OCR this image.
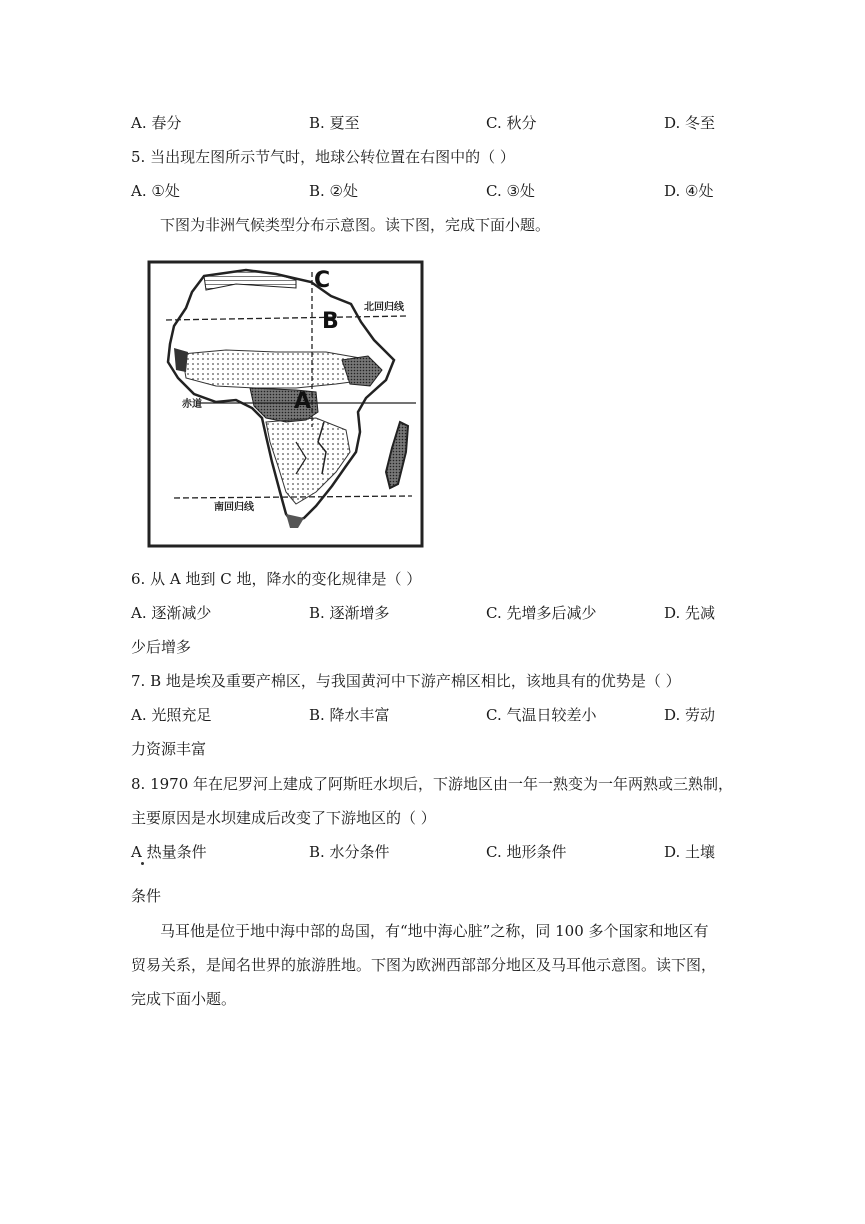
A. 春分	B. 夏至	C. 秋分	D. 冬至
5. 当出现左图所示节气时，地球公转位置在右图中的（ ）
A. ①处	B. ②处	C. ③处	D. ④处
下图为非洲气候类型分布示意图。读下图，完成下面小题。
C
B
A
北回归线
赤道
南回归线
6. 从 A 地到 C 地，降水的变化规律是（ ）
A. 逐渐减少	B. 逐渐增多	C. 先增多后减少	D. 先减
少后增多
7. B 地是埃及重要产棉区，与我国黄河中下游产棉区相比，该地具有的优势是（ ）
A. 光照充足	B. 降水丰富	C. 气温日较差小	D. 劳动
力资源丰富
8. 1970 年在尼罗河上建成了阿斯旺水坝后，下游地区由一年一熟变为一年两熟或三熟制，
主要原因是水坝建成后改变了下游地区的（ ）
A 热量条件	B. 水分条件	C. 地形条件	D. 土壤
条件
马耳他是位于地中海中部的岛国，有“地中海心脏”之称，同 100 多个国家和地区有
贸易关系，是闻名世界的旅游胜地。下图为欧洲西部部分地区及马耳他示意图。读下图，
完成下面小题。
